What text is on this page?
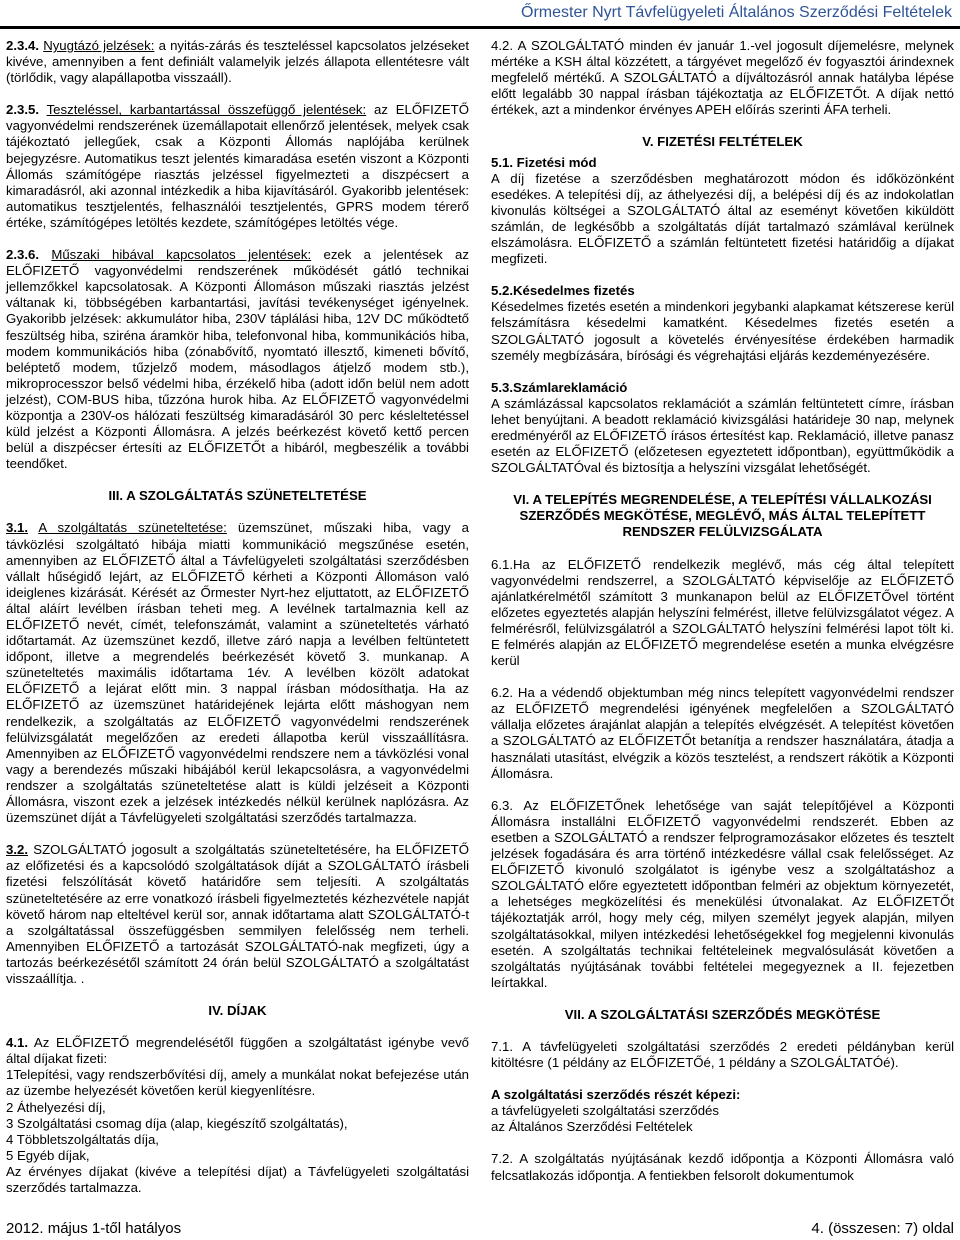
Őrmester Nyrt Távfelügyeleti Általános Szerződési Feltételek

2.3.4. Nyugtázó jelzések: a nyitás-zárás és teszteléssel kapcsolatos jelzéseket kivéve, amennyiben a fent definiált valamelyik jelzés állapota ellentétesre vált (törlődik, vagy alapállapotba visszaáll).

2.3.5. Teszteléssel, karbantartással összefüggő jelentések: az ELŐFIZETŐ vagyonvédelmi rendszerének üzemállapotait ellenőrző jelentések, melyek csak tájékoztató jellegűek, csak a Központi Állomás naplójába kerülnek bejegyzésre. Automatikus teszt jelentés kimaradása esetén viszont a Központi Állomás számítógépe riasztás jelzéssel figyelmezteti a diszpécsert a kimaradásról, aki azonnal intézkedik a hiba kijavításáról. Gyakoribb jelentések: automatikus tesztjelentés, felhasználói tesztjelentés, GPRS modem térerő értéke, számítógépes letöltés kezdete, számítógépes letöltés vége.

2.3.6. Műszaki hibával kapcsolatos jelentések: ezek a jelentések az ELŐFIZETŐ vagyonvédelmi rendszerének működését gátló technikai jellemzőkkel kapcsolatosak. A Központi Állomáson műszaki riasztás jelzést váltanak ki, többségében karbantartási, javítási tevékenységet igényelnek. Gyakoribb jelzések: akkumulátor hiba, 230V táplálási hiba, 12V DC működtető feszültség hiba, sziréna áramkör hiba, telefonvonal hiba, kommunikációs hiba, modem kommunikációs hiba (zónabővítő, nyomtató illesztő, kimeneti bővítő, beléptető modem, tűzjelző modem, másodlagos átjelző modem stb.), mikroprocesszor belső védelmi hiba, érzékelő hiba (adott időn belül nem adott jelzést), COM-BUS hiba, tűzzóna hurok hiba. Az ELŐFIZETŐ vagyonvédelmi központja a 230V-os hálózati feszültség kimaradásáról 30 perc késleltetéssel küld jelzést a Központi Állomásra. A jelzés beérkezést követő kettő percen belül a diszpécser értesíti az ELŐFIZETŐt a hibáról, megbeszélik a további teendőket.

III. A SZOLGÁLTATÁS SZÜNETELTETÉSE

3.1. A szolgáltatás szüneteltetése: üzemszünet, műszaki hiba, vagy a távközlési szolgáltató hibája miatti kommunikáció megszűnése esetén, amennyiben az ELŐFIZETŐ által a Távfelügyeleti szolgáltatási szerződésben vállalt hűségidő lejárt, az ELŐFIZETŐ kérheti a Központi Állomáson való ideiglenes kizárását. Kérését az Őrmester Nyrt-hez eljuttatott, az ELŐFIZETŐ által aláírt levélben írásban teheti meg. A levélnek tartalmaznia kell az ELŐFIZETŐ nevét, címét, telefonszámát, valamint a szüneteltetés várható időtartamát. Az üzemszünet kezdő, illetve záró napja a levélben feltüntetett időpont, illetve a megrendelés beérkezését követő 3. munkanap. A szüneteltetés maximális időtartama 1év. A levélben közölt adatokat ELŐFIZETŐ a lejárat előtt min. 3 nappal írásban módosíthatja. Ha az ELŐFIZETŐ az üzemszünet határidejének lejárta előtt máshogyan nem rendelkezik, a szolgáltatás az ELŐFIZETŐ vagyonvédelmi rendszerének felülvizsgálatát megelőzően az eredeti állapotba kerül visszaállításra. Amennyiben az ELŐFIZETŐ vagyonvédelmi rendszere nem a távközlési vonal vagy a berendezés műszaki hibájából kerül lekapcsolásra, a vagyonvédelmi rendszer a szolgáltatás szüneteltetése alatt is küldi jelzéseit a Központi Állomásra, viszont ezek a jelzések intézkedés nélkül kerülnek naplózásra. Az üzemszünet díját a Távfelügyeleti szolgáltatási szerződés tartalmazza.

3.2. SZOLGÁLTATÓ jogosult a szolgáltatás szüneteltetésére, ha ELŐFIZETŐ az előfizetési és a kapcsolódó szolgáltatások díját a SZOLGÁLTATÓ írásbeli fizetési felszólítását követő határidőre sem teljesíti. A szolgáltatás szüneteltetésére az erre vonatkozó írásbeli figyelmeztetés kézhezvétele napját követő három nap elteltével kerül sor, annak időtartama alatt SZOLGÁLTATÓ-t a szolgáltatással összefüggésben semmilyen felelősség nem terheli. Amennyiben ELŐFIZETŐ a tartozását SZOLGÁLTATÓ-nak megfizeti, úgy a tartozás beérkezésétől számított 24 órán belül SZOLGÁLTATÓ a szolgáltatást visszaállítja. .

IV. DÍJAK

4.1. Az ELŐFIZETŐ megrendelésétől függően a szolgáltatást igénybe vevő által díjakat fizeti:

1Telepítési, vagy rendszerbővítési díj, amely a munkálat nokat befejezése után az üzembe helyezését követően kerül kiegyenlítésre.
2 Áthelyezési díj,
3 Szolgáltatási csomag díja (alap, kiegészítő szolgáltatás),
4 Többletszolgáltatás díja,
5 Egyéb díjak,

Az érvényes díjakat (kivéve a telepítési díjat) a Távfelügyeleti szolgáltatási szerződés tartalmazza.

4.2. A SZOLGÁLTATÓ minden év január 1.-vel jogosult díjemelésre, melynek mértéke a KSH által közzétett, a tárgyévet megelőző év fogyasztói árindexnek megfelelő mértékű. A SZOLGÁLTATÓ a díjváltozásról annak hatályba lépése előtt legalább 30 nappal írásban tájékoztatja az ELŐFIZETŐt. A díjak nettó értékek, azt a mindenkor érvényes APEH előírás szerinti ÁFA terheli.

V. FIZETÉSI FELTÉTELEK
5.1. Fizetési mód

A díj fizetése a szerződésben meghatározott módon és időközönként esedékes. A telepítési díj, az áthelyezési díj, a belépési díj és az indokolatlan kivonulás költségei a SZOLGÁLTATÓ által az eseményt követően kiküldött számlán, de legkésőbb a szolgáltatás díját tartalmazó számlával kerülnek elszámolásra. ELŐFIZETŐ a számlán feltüntetett fizetési határidőig a díjakat megfizeti.

5.2.Késedelmes fizetés

Késedelmes fizetés esetén a mindenkori jegybanki alapkamat kétszerese kerül felszámításra késedelmi kamatként. Késedelmes fizetés esetén a SZOLGÁLTATÓ jogosult a követelés érvényesítése érdekében harmadik személy megbízására, bírósági és végrehajtási eljárás kezdeményezésére.

5.3.Számlareklamáció

A számlázással kapcsolatos reklamációt a számlán feltüntetett címre, írásban lehet benyújtani. A beadott reklamáció kivizsgálási határideje 30 nap, melynek eredményéről az ELŐFIZETŐ írásos értesítést kap. Reklamáció, illetve panasz esetén az ELŐFIZETŐ (előzetesen egyeztetett időpontban), együttműködik a SZOLGÁLTATÓval és biztosítja a helyszíni vizsgálat lehetőségét.

VI. A TELEPÍTÉS MEGRENDELÉSE, A TELEPÍTÉSI VÁLLALKOZÁSI SZERZŐDÉS MEGKÖTÉSE, MEGLÉVŐ, MÁS ÁLTAL TELEPÍTETT RENDSZER FELÜLVIZSGÁLATA

6.1.Ha az ELŐFIZETŐ rendelkezik meglévő, más cég által telepített vagyonvédelmi rendszerrel, a SZOLGÁLTATÓ képviselője az ELŐFIZETŐ ajánlatkérelmétől számított 3 munkanapon belül az ELŐFIZETŐvel történt előzetes egyeztetés alapján helyszíni felmérést, illetve felülvizsgálatot végez. A felmérésről, felülvizsgálatról a SZOLGÁLTATÓ helyszíni felmérési lapot tölt ki. E felmérés alapján az ELŐFIZETŐ megrendelése esetén a munka elvégzésre kerül

6.2. Ha a védendő objektumban még nincs telepített vagyonvédelmi rendszer az ELŐFIZETŐ megrendelési igényének megfelelően a SZOLGÁLTATÓ vállalja előzetes árajánlat alapján a telepítés elvégzését. A telepítést követően a SZOLGÁLTATÓ az ELŐFIZETŐt betanítja a rendszer használatára, átadja a használati utasítást, elvégzik a közös tesztelést, a rendszert rákötik a Központi Állomásra.

6.3. Az ELŐFIZETŐnek lehetősége van saját telepítőjével a Központi Állomásra installálni ELŐFIZETŐ vagyonvédelmi rendszerét. Ebben az esetben a SZOLGÁLTATÓ a rendszer felprogramozásakor előzetes és tesztelt jelzések fogadására és arra történő intézkedésre vállal csak felelősséget. Az ELŐFIZETŐ kivonuló szolgálatot is igénybe vesz a szolgáltatáshoz a SZOLGÁLTATÓ előre egyeztetett időpontban felméri az objektum környezetét, a lehetséges megközelítési és menekülési útvonalakat. Az ELŐFIZETŐt tájékoztatják arról, hogy mely cég, milyen személyt jegyek alapján, milyen szolgáltatásokkal, milyen intézkedési lehetőségekkel fog megjelenni kivonulás esetén. A szolgáltatás technikai feltételeinek megvalósulását követően a szolgáltatás nyújtásának további feltételei megegyeznek a II. fejezetben leírtakkal.

VII. A SZOLGÁLTATÁSI SZERZŐDÉS MEGKÖTÉSE

7.1. A távfelügyeleti szolgáltatási szerződés 2 eredeti példányban kerül kitöltésre (1 példány az ELŐFIZETŐé, 1 példány a SZOLGÁLTATÓé).

A szolgáltatási szerződés részét képezi:
a távfelügyeleti szolgáltatási szerződés
az Általános Szerződési Feltételek

7.2. A szolgáltatás nyújtásának kezdő időpontja a Központi Állomásra való felcsatlakozás időpontja. A fentiekben felsorolt dokumentumok

2012. május 1-től hatályos	4. (összesen: 7) oldal
